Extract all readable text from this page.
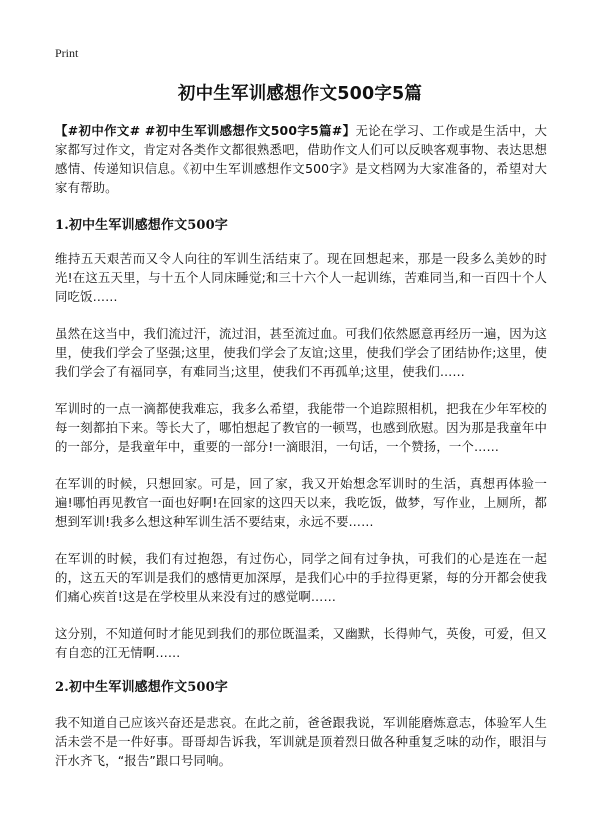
Print
初中生军训感想作文500字5篇

【#初中作文# #初中生军训感想作文500字5篇#】无论在学习、工作或是生活中，大家都写过作文，肯定对各类作文都很熟悉吧，借助作文人们可以反映客观事物、表达思想感情、传递知识信息。《初中生军训感想作文500字》是文档网为大家准备的，希望对大家有帮助。

1.初中生军训感想作文500字

维持五天艰苦而又令人向往的军训生活结束了。现在回想起来，那是一段多么美妙的时光!在这五天里，与十五个人同床睡觉;和三十六个人一起训练，苦难同当,和一百四十个人同吃饭……

虽然在这当中，我们流过汗，流过泪，甚至流过血。可我们依然愿意再经历一遍，因为这里，使我们学会了坚强;这里，使我们学会了友谊;这里，使我们学会了团结协作;这里，使我们学会了有福同享，有难同当;这里，使我们不再孤单;这里，使我们……

军训时的一点一滴都使我难忘，我多么希望，我能带一个追踪照相机，把我在少年军校的每一刻都拍下来。等长大了，哪怕想起了教官的一顿骂，也感到欣慰。因为那是我童年中的一部分，是我童年中，重要的一部分!一滴眼泪，一句话，一个赞扬，一个……

在军训的时候，只想回家。可是，回了家，我又开始想念军训时的生活，真想再体验一遍!哪怕再见教官一面也好啊!在回家的这四天以来，我吃饭，做梦，写作业，上厕所，都想到军训!我多么想这种军训生活不要结束，永远不要……

在军训的时候，我们有过抱怨，有过伤心，同学之间有过争执，可我们的心是连在一起的，这五天的军训是我们的感情更加深厚，是我们心中的手拉得更紧，每的分开都会使我们痛心疾首!这是在学校里从来没有过的感觉啊……

这分别，不知道何时才能见到我们的那位既温柔，又幽默，长得帅气，英俊，可爱，但又有自恋的江无情啊……

2.初中生军训感想作文500字

我不知道自己应该兴奋还是悲哀。在此之前，爸爸跟我说，军训能磨炼意志，体验军人生活未尝不是一件好事。哥哥却告诉我，军训就是顶着烈日做各种重复乏味的动作，眼泪与汗水齐飞，“报告”跟口号同响。
